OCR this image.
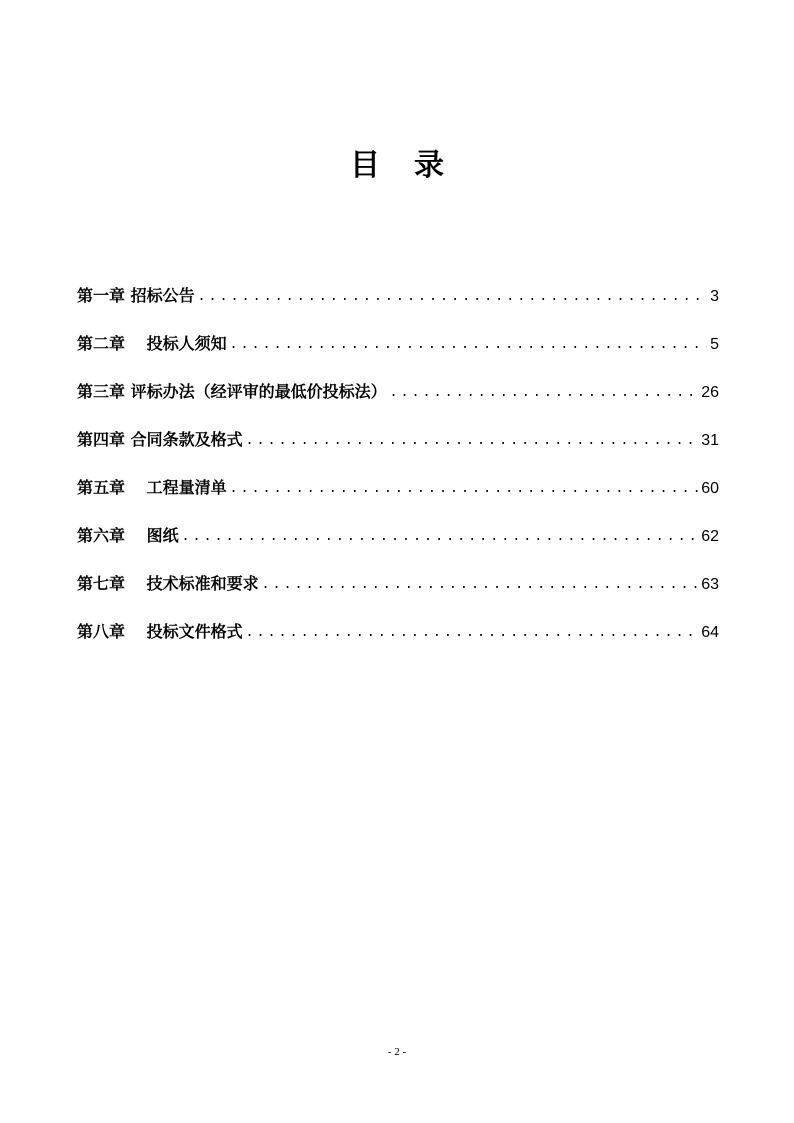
目 录
第一章 招标公告 .....	3
第二章　 投标人须知 .....	5
第三章 评标办法（经评审的最低价投标法） .....	26
第四章 合同条款及格式 .....	31
第五章　 工程量清单 .....	60
第六章　 图纸 .....	62
第七章　 技术标准和要求 .....	63
第八章　 投标文件格式 .....	64
- 2 -
